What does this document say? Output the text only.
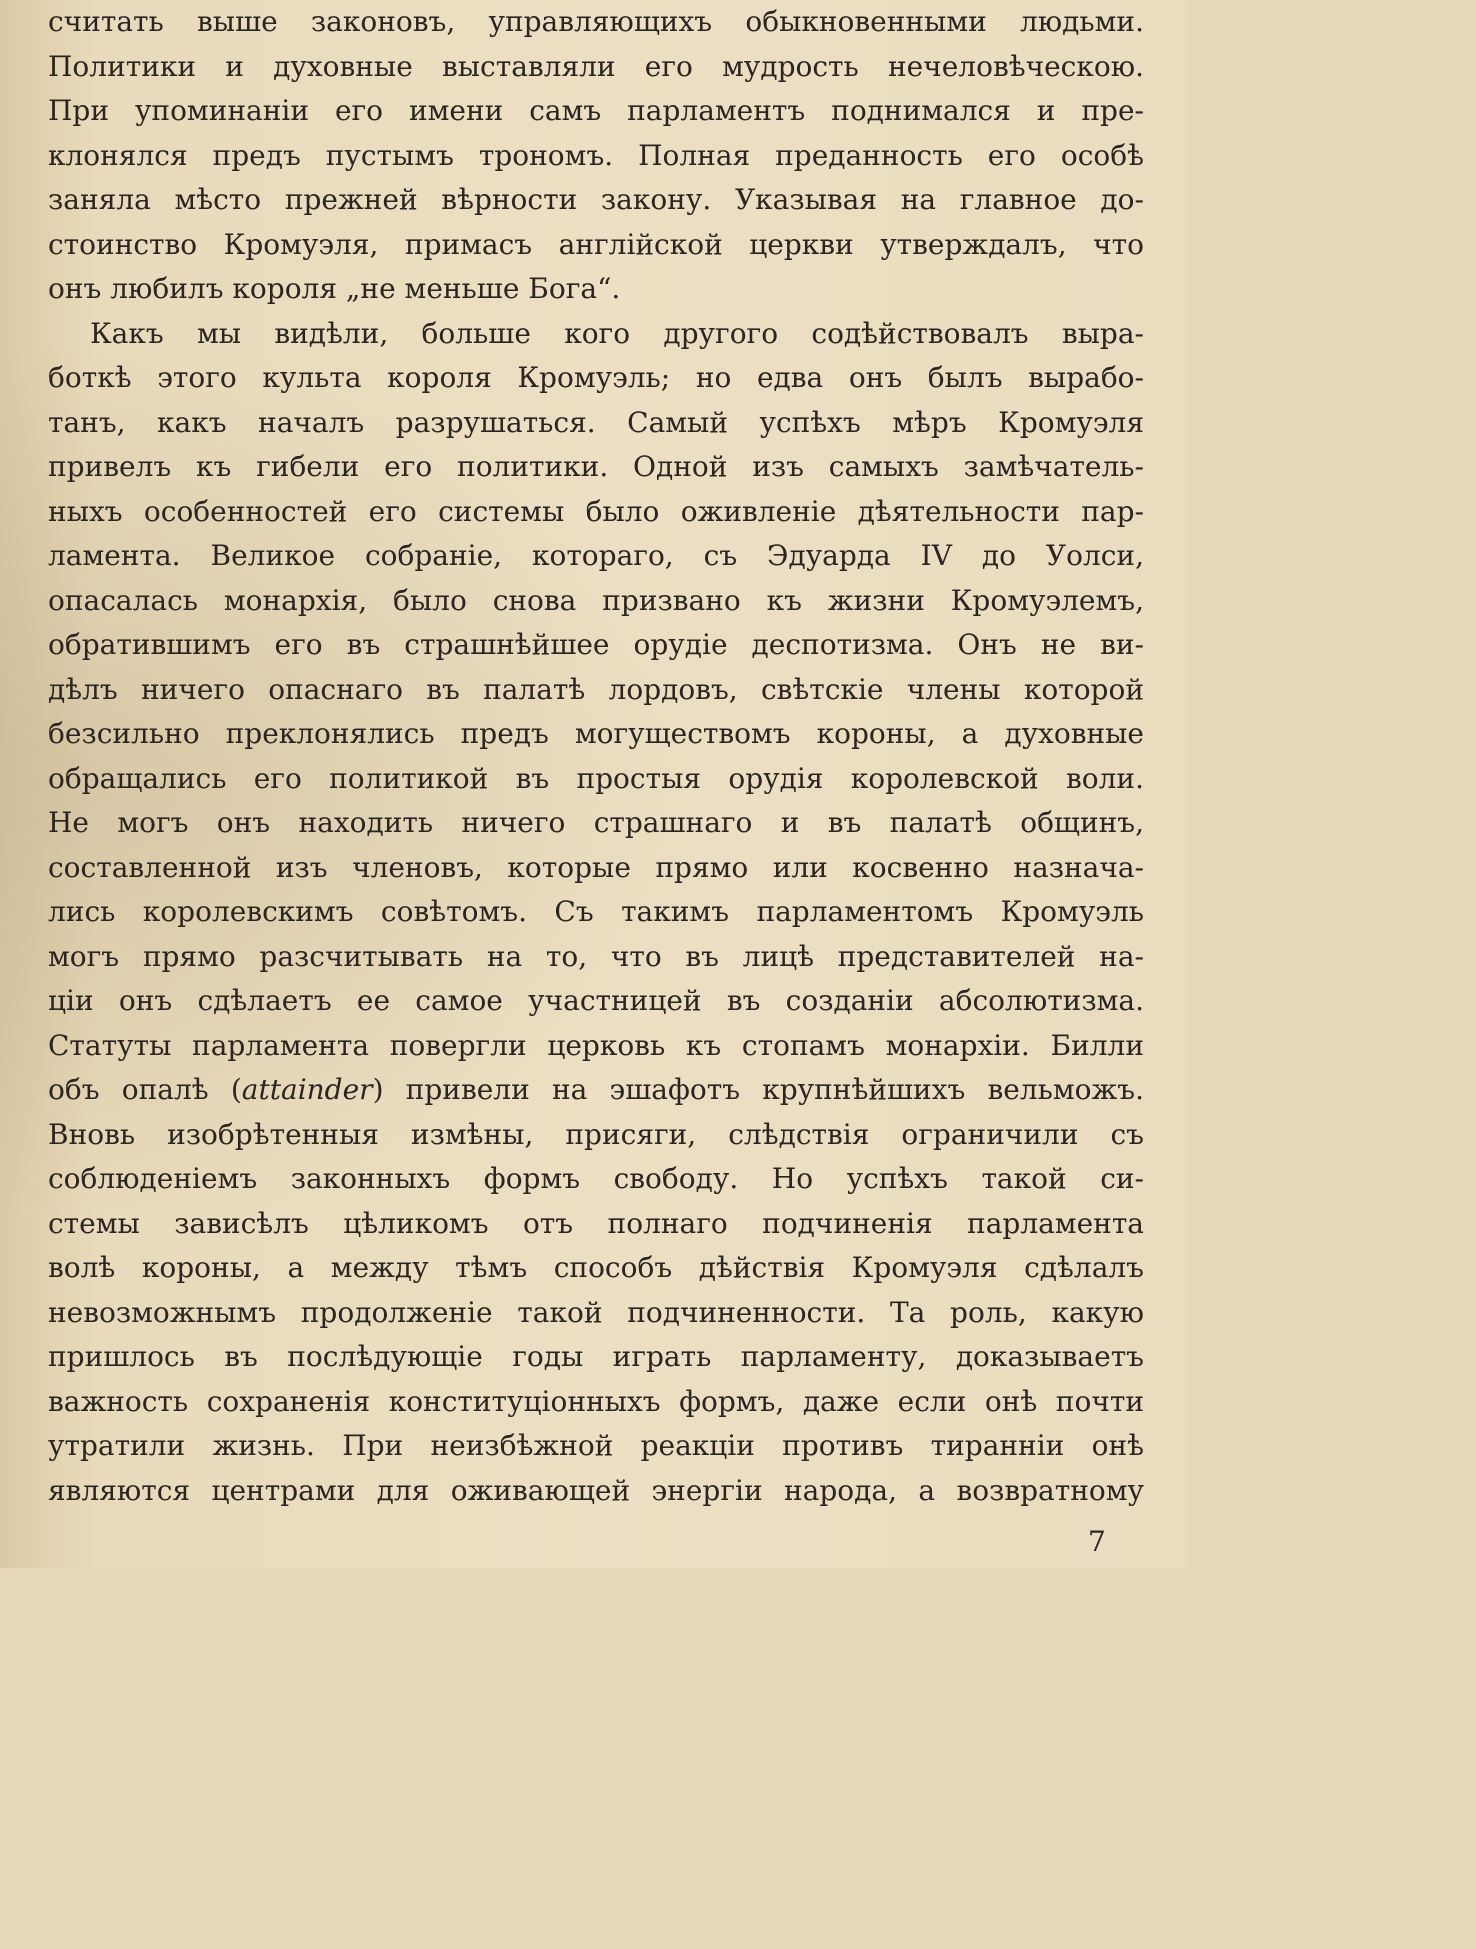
считать выше законовъ, управляющихъ обыкновенными людьми.
Политики и духовные выставляли его мудрость нечеловѣческою.
При упоминаніи его имени самъ парламентъ поднимался и пре-
клонялся предъ пустымъ трономъ. Полная преданность его особѣ
заняла мѣсто прежней вѣрности закону. Указывая на главное до-
стоинство Кромуэля, примасъ англійской церкви утверждалъ, что
онъ любилъ короля „не меньше Бога“.
Какъ мы видѣли, больше кого другого содѣйствовалъ выра-
боткѣ этого культа короля Кромуэль; но едва онъ былъ вырабо-
танъ, какъ началъ разрушаться. Самый успѣхъ мѣръ Кромуэля
привелъ къ гибели его политики. Одной изъ самыхъ замѣчатель-
ныхъ особенностей его системы было оживленіе дѣятельности пар-
ламента. Великое собраніе, котораго, съ Эдуарда IV до Уолси,
опасалась монархія, было снова призвано къ жизни Кромуэлемъ,
обратившимъ его въ страшнѣйшее орудіе деспотизма. Онъ не ви-
дѣлъ ничего опаснаго въ палатѣ лордовъ, свѣтскіе члены которой
безсильно преклонялись предъ могуществомъ короны, а духовные
обращались его политикой въ простыя орудія королевской воли.
Не могъ онъ находить ничего страшнаго и въ палатѣ общинъ,
составленной изъ членовъ, которые прямо или косвенно назнача-
лись королевскимъ совѣтомъ. Съ такимъ парламентомъ Кромуэль
могъ прямо разсчитывать на то, что въ лицѣ представителей на-
ціи онъ сдѣлаетъ ее самое участницей въ созданіи абсолютизма.
Статуты парламента повергли церковь къ стопамъ монархіи. Билли
объ опалѣ (attainder) привели на эшафотъ крупнѣйшихъ вельможъ.
Вновь изобрѣтенныя измѣны, присяги, слѣдствія ограничили съ
соблюденіемъ законныхъ формъ свободу. Но успѣхъ такой си-
стемы зависѣлъ цѣликомъ отъ полнаго подчиненія парламента
волѣ короны, а между тѣмъ способъ дѣйствія Кромуэля сдѣлалъ
невозможнымъ продолженіе такой подчиненности. Та роль, какую
пришлось въ послѣдующіе годы играть парламенту, доказываетъ
важность сохраненія конституціонныхъ формъ, даже если онѣ почти
утратили жизнь. При неизбѣжной реакціи противъ тиранніи онѣ
являются центрами для оживающей энергіи народа, а возвратному
7
